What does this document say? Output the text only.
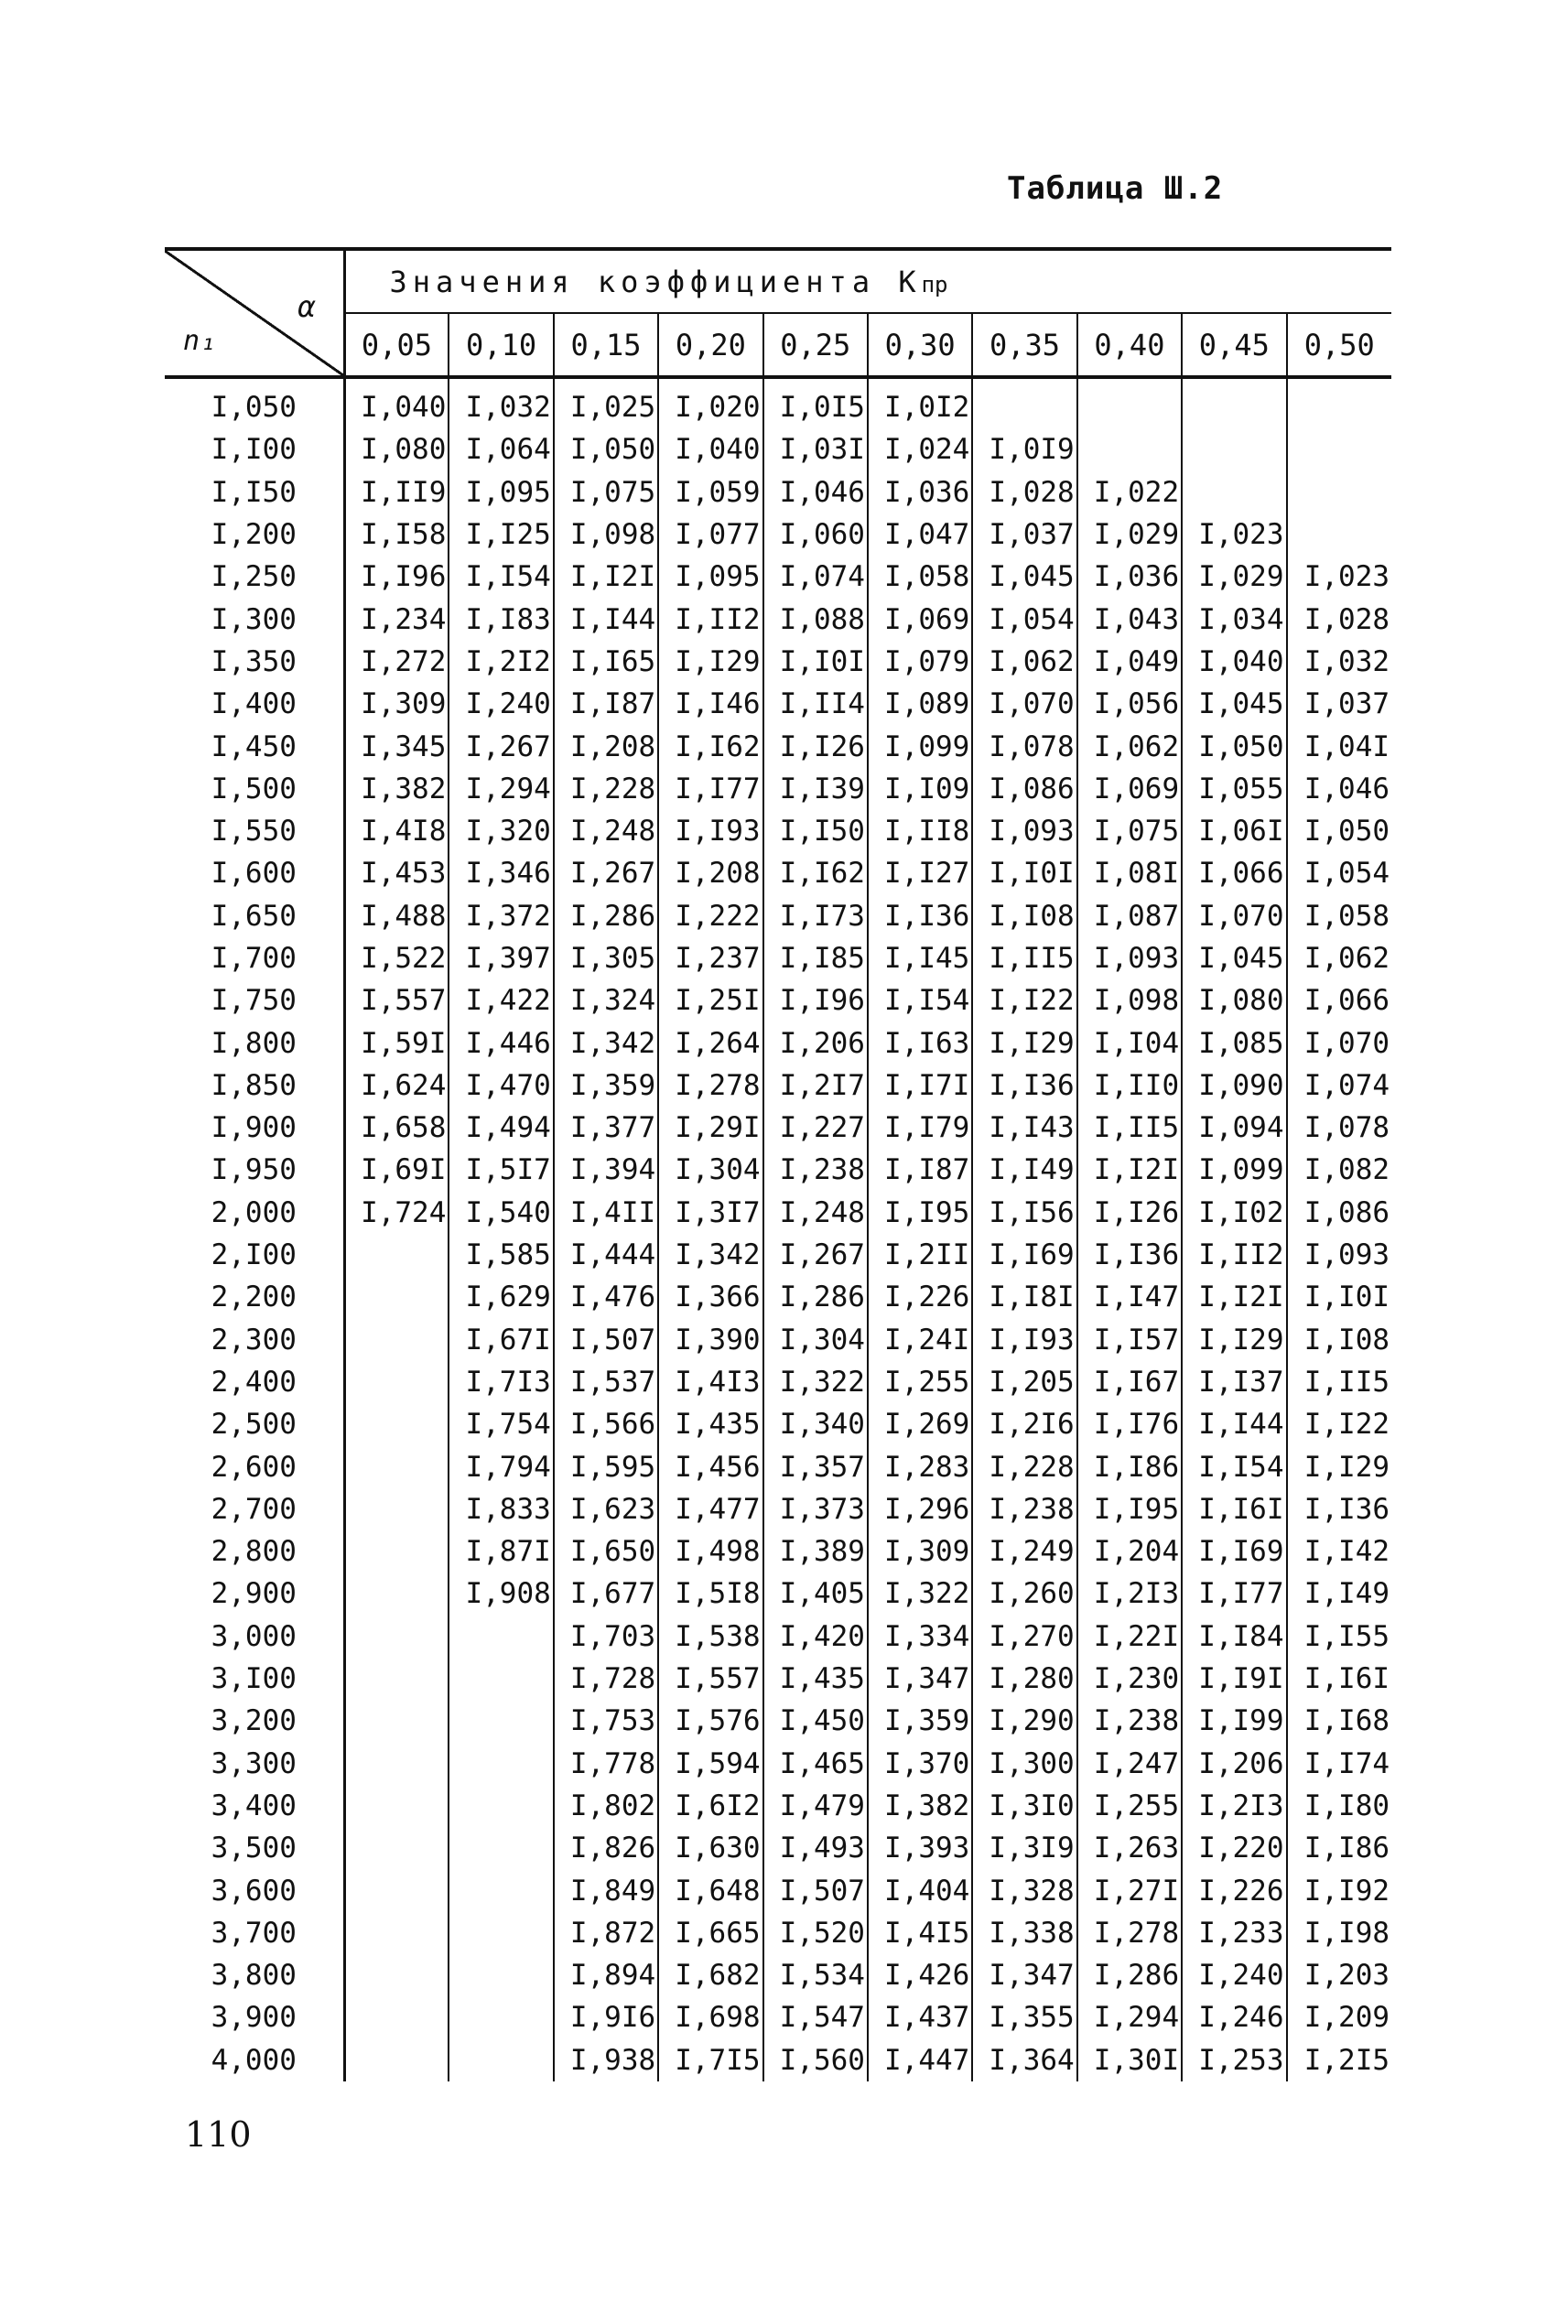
Таблица Ш.2
α
n₁	Значения коэффициента Кпр									
	0,05	0,10	0,15	0,20	0,25	0,30	0,35	0,40	0,45	0,50
I,050	I,040	I,032	I,025	I,020	I,0I5	I,0I2				
I,I00	I,080	I,064	I,050	I,040	I,03I	I,024	I,0I9			
I,I50	I,II9	I,095	I,075	I,059	I,046	I,036	I,028	I,022		
I,200	I,I58	I,I25	I,098	I,077	I,060	I,047	I,037	I,029	I,023	
I,250	I,I96	I,I54	I,I2I	I,095	I,074	I,058	I,045	I,036	I,029	I,023
I,300	I,234	I,I83	I,I44	I,II2	I,088	I,069	I,054	I,043	I,034	I,028
I,350	I,272	I,2I2	I,I65	I,I29	I,I0I	I,079	I,062	I,049	I,040	I,032
I,400	I,309	I,240	I,I87	I,I46	I,II4	I,089	I,070	I,056	I,045	I,037
I,450	I,345	I,267	I,208	I,I62	I,I26	I,099	I,078	I,062	I,050	I,04I
I,500	I,382	I,294	I,228	I,I77	I,I39	I,I09	I,086	I,069	I,055	I,046
I,550	I,4I8	I,320	I,248	I,I93	I,I50	I,II8	I,093	I,075	I,06I	I,050
I,600	I,453	I,346	I,267	I,208	I,I62	I,I27	I,I0I	I,08I	I,066	I,054
I,650	I,488	I,372	I,286	I,222	I,I73	I,I36	I,I08	I,087	I,070	I,058
I,700	I,522	I,397	I,305	I,237	I,I85	I,I45	I,II5	I,093	I,045	I,062
I,750	I,557	I,422	I,324	I,25I	I,I96	I,I54	I,I22	I,098	I,080	I,066
I,800	I,59I	I,446	I,342	I,264	I,206	I,I63	I,I29	I,I04	I,085	I,070
I,850	I,624	I,470	I,359	I,278	I,2I7	I,I7I	I,I36	I,II0	I,090	I,074
I,900	I,658	I,494	I,377	I,29I	I,227	I,I79	I,I43	I,II5	I,094	I,078
I,950	I,69I	I,5I7	I,394	I,304	I,238	I,I87	I,I49	I,I2I	I,099	I,082
2,000	I,724	I,540	I,4II	I,3I7	I,248	I,I95	I,I56	I,I26	I,I02	I,086
2,I00		I,585	I,444	I,342	I,267	I,2II	I,I69	I,I36	I,II2	I,093
2,200		I,629	I,476	I,366	I,286	I,226	I,I8I	I,I47	I,I2I	I,I0I
2,300		I,67I	I,507	I,390	I,304	I,24I	I,I93	I,I57	I,I29	I,I08
2,400		I,7I3	I,537	I,4I3	I,322	I,255	I,205	I,I67	I,I37	I,II5
2,500		I,754	I,566	I,435	I,340	I,269	I,2I6	I,I76	I,I44	I,I22
2,600		I,794	I,595	I,456	I,357	I,283	I,228	I,I86	I,I54	I,I29
2,700		I,833	I,623	I,477	I,373	I,296	I,238	I,I95	I,I6I	I,I36
2,800		I,87I	I,650	I,498	I,389	I,309	I,249	I,204	I,I69	I,I42
2,900		I,908	I,677	I,5I8	I,405	I,322	I,260	I,2I3	I,I77	I,I49
3,000			I,703	I,538	I,420	I,334	I,270	I,22I	I,I84	I,I55
3,I00			I,728	I,557	I,435	I,347	I,280	I,230	I,I9I	I,I6I
3,200			I,753	I,576	I,450	I,359	I,290	I,238	I,I99	I,I68
3,300			I,778	I,594	I,465	I,370	I,300	I,247	I,206	I,I74
3,400			I,802	I,6I2	I,479	I,382	I,3I0	I,255	I,2I3	I,I80
3,500			I,826	I,630	I,493	I,393	I,3I9	I,263	I,220	I,I86
3,600			I,849	I,648	I,507	I,404	I,328	I,27I	I,226	I,I92
3,700			I,872	I,665	I,520	I,4I5	I,338	I,278	I,233	I,I98
3,800			I,894	I,682	I,534	I,426	I,347	I,286	I,240	I,203
3,900			I,9I6	I,698	I,547	I,437	I,355	I,294	I,246	I,209
4,000			I,938	I,7I5	I,560	I,447	I,364	I,30I	I,253	I,2I5
110
